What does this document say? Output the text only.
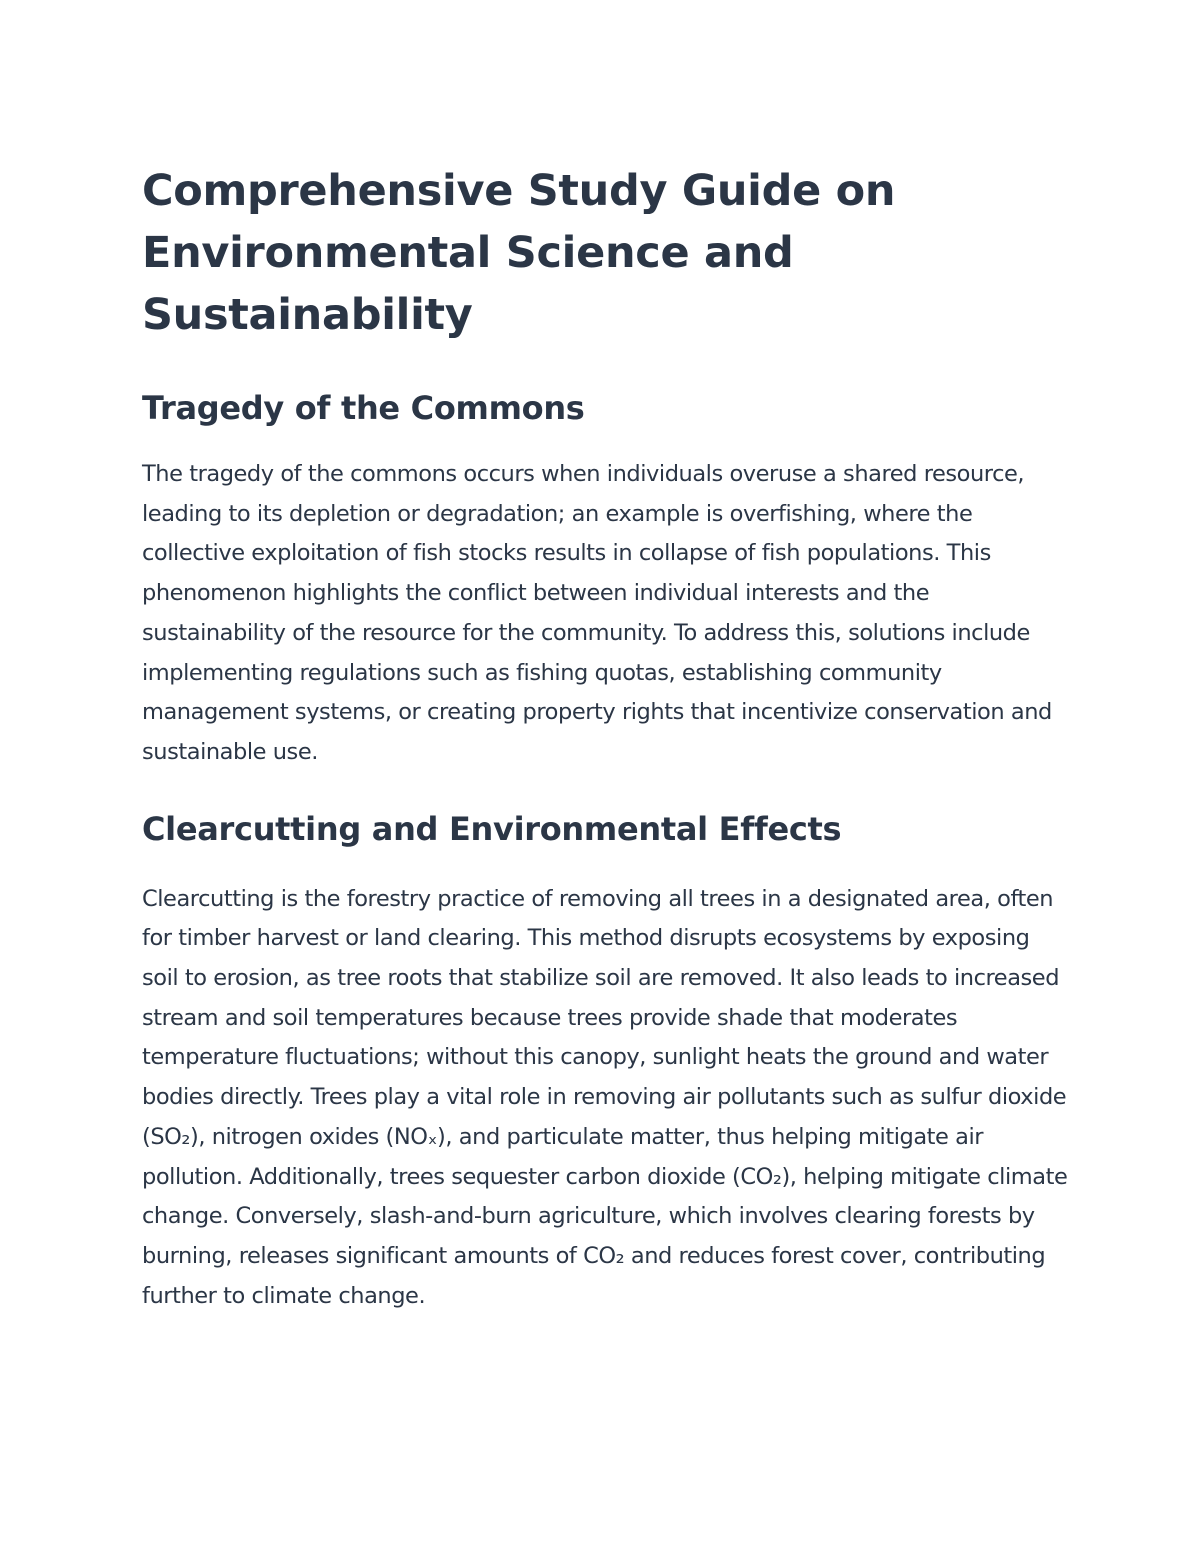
Comprehensive Study Guide on Environmental Science and Sustainability
Tragedy of the Commons

The tragedy of the commons occurs when individuals overuse a shared resource, leading to its depletion or degradation; an example is overfishing, where the collective exploitation of fish stocks results in collapse of fish populations. This phenomenon highlights the conflict between individual interests and the sustainability of the resource for the community. To address this, solutions include implementing regulations such as fishing quotas, establishing community management systems, or creating property rights that incentivize conservation and sustainable use.

Clearcutting and Environmental Effects

Clearcutting is the forestry practice of removing all trees in a designated area, often for timber harvest or land clearing. This method disrupts ecosystems by exposing soil to erosion, as tree roots that stabilize soil are removed. It also leads to increased stream and soil temperatures because trees provide shade that moderates temperature fluctuations; without this canopy, sunlight heats the ground and water bodies directly. Trees play a vital role in removing air pollutants such as sulfur dioxide (SO₂), nitrogen oxides (NOₓ), and particulate matter, thus helping mitigate air pollution. Additionally, trees sequester carbon dioxide (CO₂), helping mitigate climate change. Conversely, slash-and-burn agriculture, which involves clearing forests by burning, releases significant amounts of CO₂ and reduces forest cover, contributing further to climate change.
